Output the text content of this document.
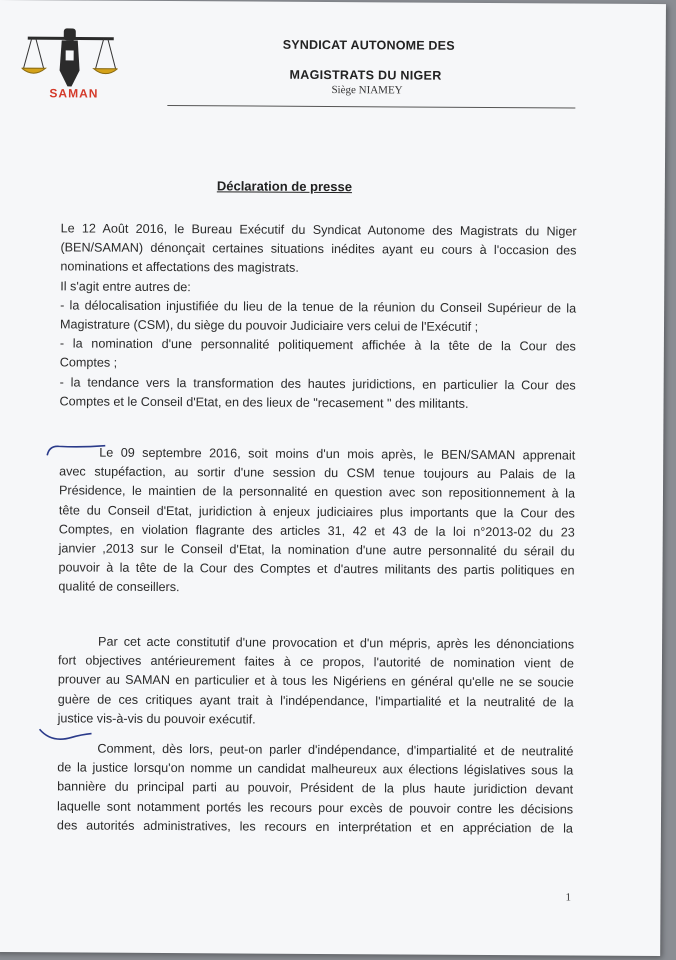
SAMAN
SYNDICAT AUTONOME DES
MAGISTRATS DU NIGER
Siège NIAMEY
Déclaration de presse
Le 12 Août 2016, le Bureau Exécutif du Syndicat Autonome des Magistrats du Niger
(BEN/SAMAN) dénonçait certaines situations inédites ayant eu cours à l'occasion des
nominations et affectations des magistrats.
Il s'agit entre autres de:
- la délocalisation injustifiée du lieu de la tenue de la réunion du Conseil Supérieur de la
Magistrature (CSM), du siège du pouvoir Judiciaire vers celui de l'Exécutif ;
- la nomination d'une personnalité politiquement affichée à la tête de la Cour des
Comptes ;
- la tendance vers la transformation des hautes juridictions, en particulier la Cour des
Comptes et le Conseil d'Etat, en des lieux de "recasement " des militants.
Le 09 septembre 2016, soit moins d'un mois après, le BEN/SAMAN apprenait
avec stupéfaction, au sortir d'une session du CSM tenue toujours au Palais de la
Présidence, le maintien de la personnalité en question avec son repositionnement à la
tête du Conseil d'Etat, juridiction à enjeux judiciaires plus importants que la Cour des
Comptes, en violation flagrante des articles 31, 42 et 43 de la loi n°2013-02 du 23
janvier ,2013 sur le Conseil d'Etat, la nomination d'une autre personnalité du sérail du
pouvoir à la tête de la Cour des Comptes et d'autres militants des partis politiques en
qualité de conseillers.
Par cet acte constitutif d'une provocation et d'un mépris, après les dénonciations
fort objectives antérieurement faites à ce propos, l'autorité de nomination vient de
prouver au SAMAN en particulier et à tous les Nigériens en général qu'elle ne se soucie
guère de ces critiques ayant trait à l'indépendance, l'impartialité et la neutralité de la
justice vis-à-vis du pouvoir exécutif.
Comment, dès lors, peut-on parler d'indépendance, d'impartialité et de neutralité
de la justice lorsqu'on nomme un candidat malheureux aux élections législatives sous la
bannière du principal parti au pouvoir, Président de la plus haute juridiction devant
laquelle sont notamment portés les recours pour excès de pouvoir contre les décisions
des autorités administratives, les recours en interprétation et en appréciation de la
1
